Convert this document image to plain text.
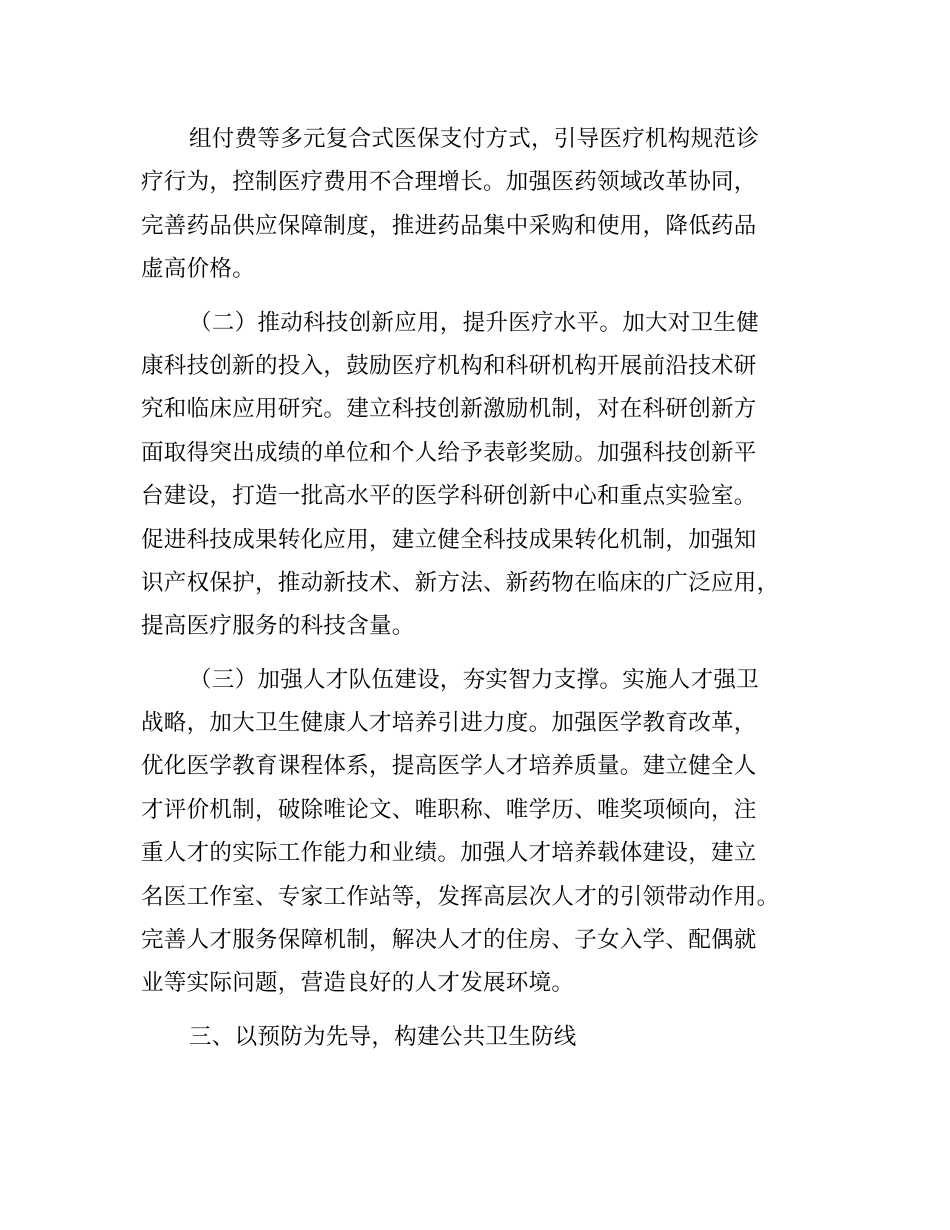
组付费等多元复合式医保支付方式，引导医疗机构规范诊
疗行为，控制医疗费用不合理增长。加强医药领域改革协同，
完善药品供应保障制度，推进药品集中采购和使用，降低药品
虚高价格。
（二）推动科技创新应用，提升医疗水平。加大对卫生健
康科技创新的投入，鼓励医疗机构和科研机构开展前沿技术研
究和临床应用研究。建立科技创新激励机制，对在科研创新方
面取得突出成绩的单位和个人给予表彰奖励。加强科技创新平
台建设，打造一批高水平的医学科研创新中心和重点实验室。
促进科技成果转化应用，建立健全科技成果转化机制，加强知
识产权保护，推动新技术、新方法、新药物在临床的广泛应用，
提高医疗服务的科技含量。
（三）加强人才队伍建设，夯实智力支撑。实施人才强卫
战略，加大卫生健康人才培养引进力度。加强医学教育改革，
优化医学教育课程体系，提高医学人才培养质量。建立健全人
才评价机制，破除唯论文、唯职称、唯学历、唯奖项倾向，注
重人才的实际工作能力和业绩。加强人才培养载体建设，建立
名医工作室、专家工作站等，发挥高层次人才的引领带动作用。
完善人才服务保障机制，解决人才的住房、子女入学、配偶就
业等实际问题，营造良好的人才发展环境。
三、以预防为先导，构建公共卫生防线
